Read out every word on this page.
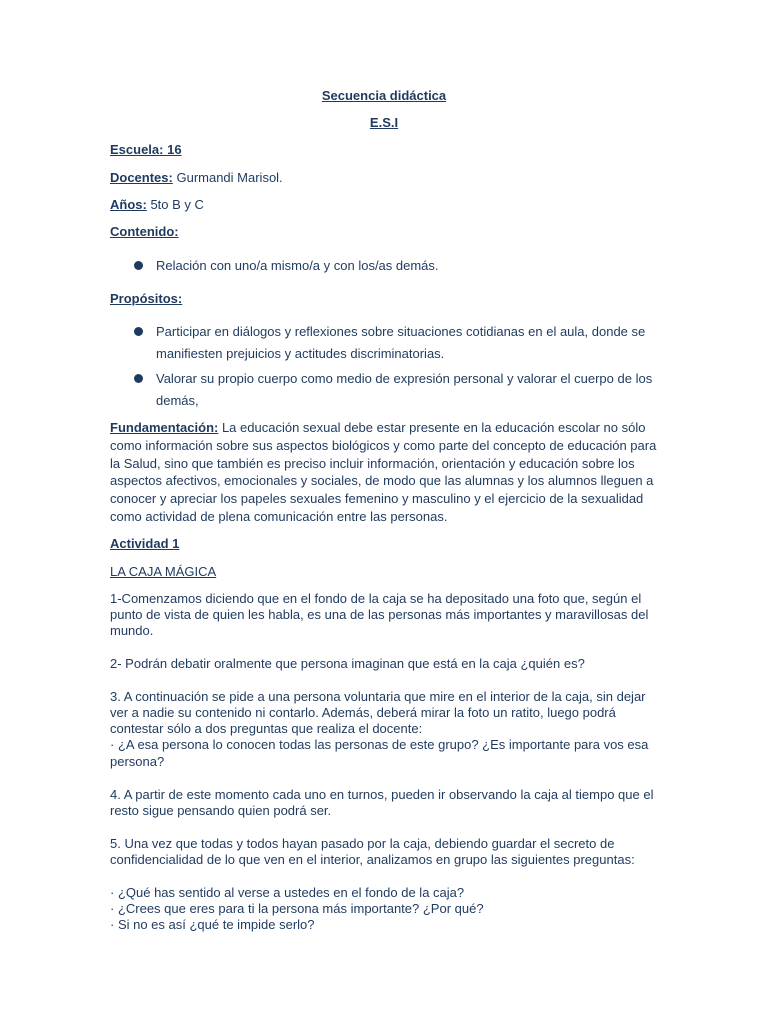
Secuencia didáctica
E.S.I
Escuela: 16
Docentes: Gurmandi Marisol.
Años: 5to B y C
Contenido:
Relación con uno/a mismo/a y con los/as demás.
Propósitos:
Participar en diálogos y reflexiones sobre situaciones cotidianas en el aula, donde se
manifiesten prejuicios y actitudes discriminatorias.
Valorar su propio cuerpo como medio de expresión personal y valorar el cuerpo de los
demás,
Fundamentación: La educación sexual debe estar presente en la educación escolar no sólo
como información sobre sus aspectos biológicos y como parte del concepto de educación para
la Salud, sino que también es preciso incluir información, orientación y educación sobre los
aspectos afectivos, emocionales y sociales, de modo que las alumnas y los alumnos lleguen a
conocer y apreciar los papeles sexuales femenino y masculino y el ejercicio de la sexualidad
como actividad de plena comunicación entre las personas.
Actividad 1
LA CAJA MÁGICA
1-Comenzamos diciendo que en el fondo de la caja se ha depositado una foto que, según el
punto de vista de quien les habla, es una de las personas más importantes y maravillosas del
mundo.
2- Podrán debatir oralmente que persona imaginan que está en la caja ¿quién es?
3. A continuación se pide a una persona voluntaria que mire en el interior de la caja, sin dejar
ver a nadie su contenido ni contarlo. Además, deberá mirar la foto un ratito, luego podrá
contestar sólo a dos preguntas que realiza el docente:
· ¿A esa persona lo conocen todas las personas de este grupo? ¿Es importante para vos esa
persona?
4. A partir de este momento cada uno en turnos, pueden ir observando la caja al tiempo que el
resto sigue pensando quien podrá ser.
5. Una vez que todas y todos hayan pasado por la caja, debiendo guardar el secreto de
confidencialidad de lo que ven en el interior, analizamos en grupo las siguientes preguntas:
· ¿Qué has sentido al verse a ustedes en el fondo de la caja?
· ¿Crees que eres para ti la persona más importante? ¿Por qué?
· Si no es así ¿qué te impide serlo?
